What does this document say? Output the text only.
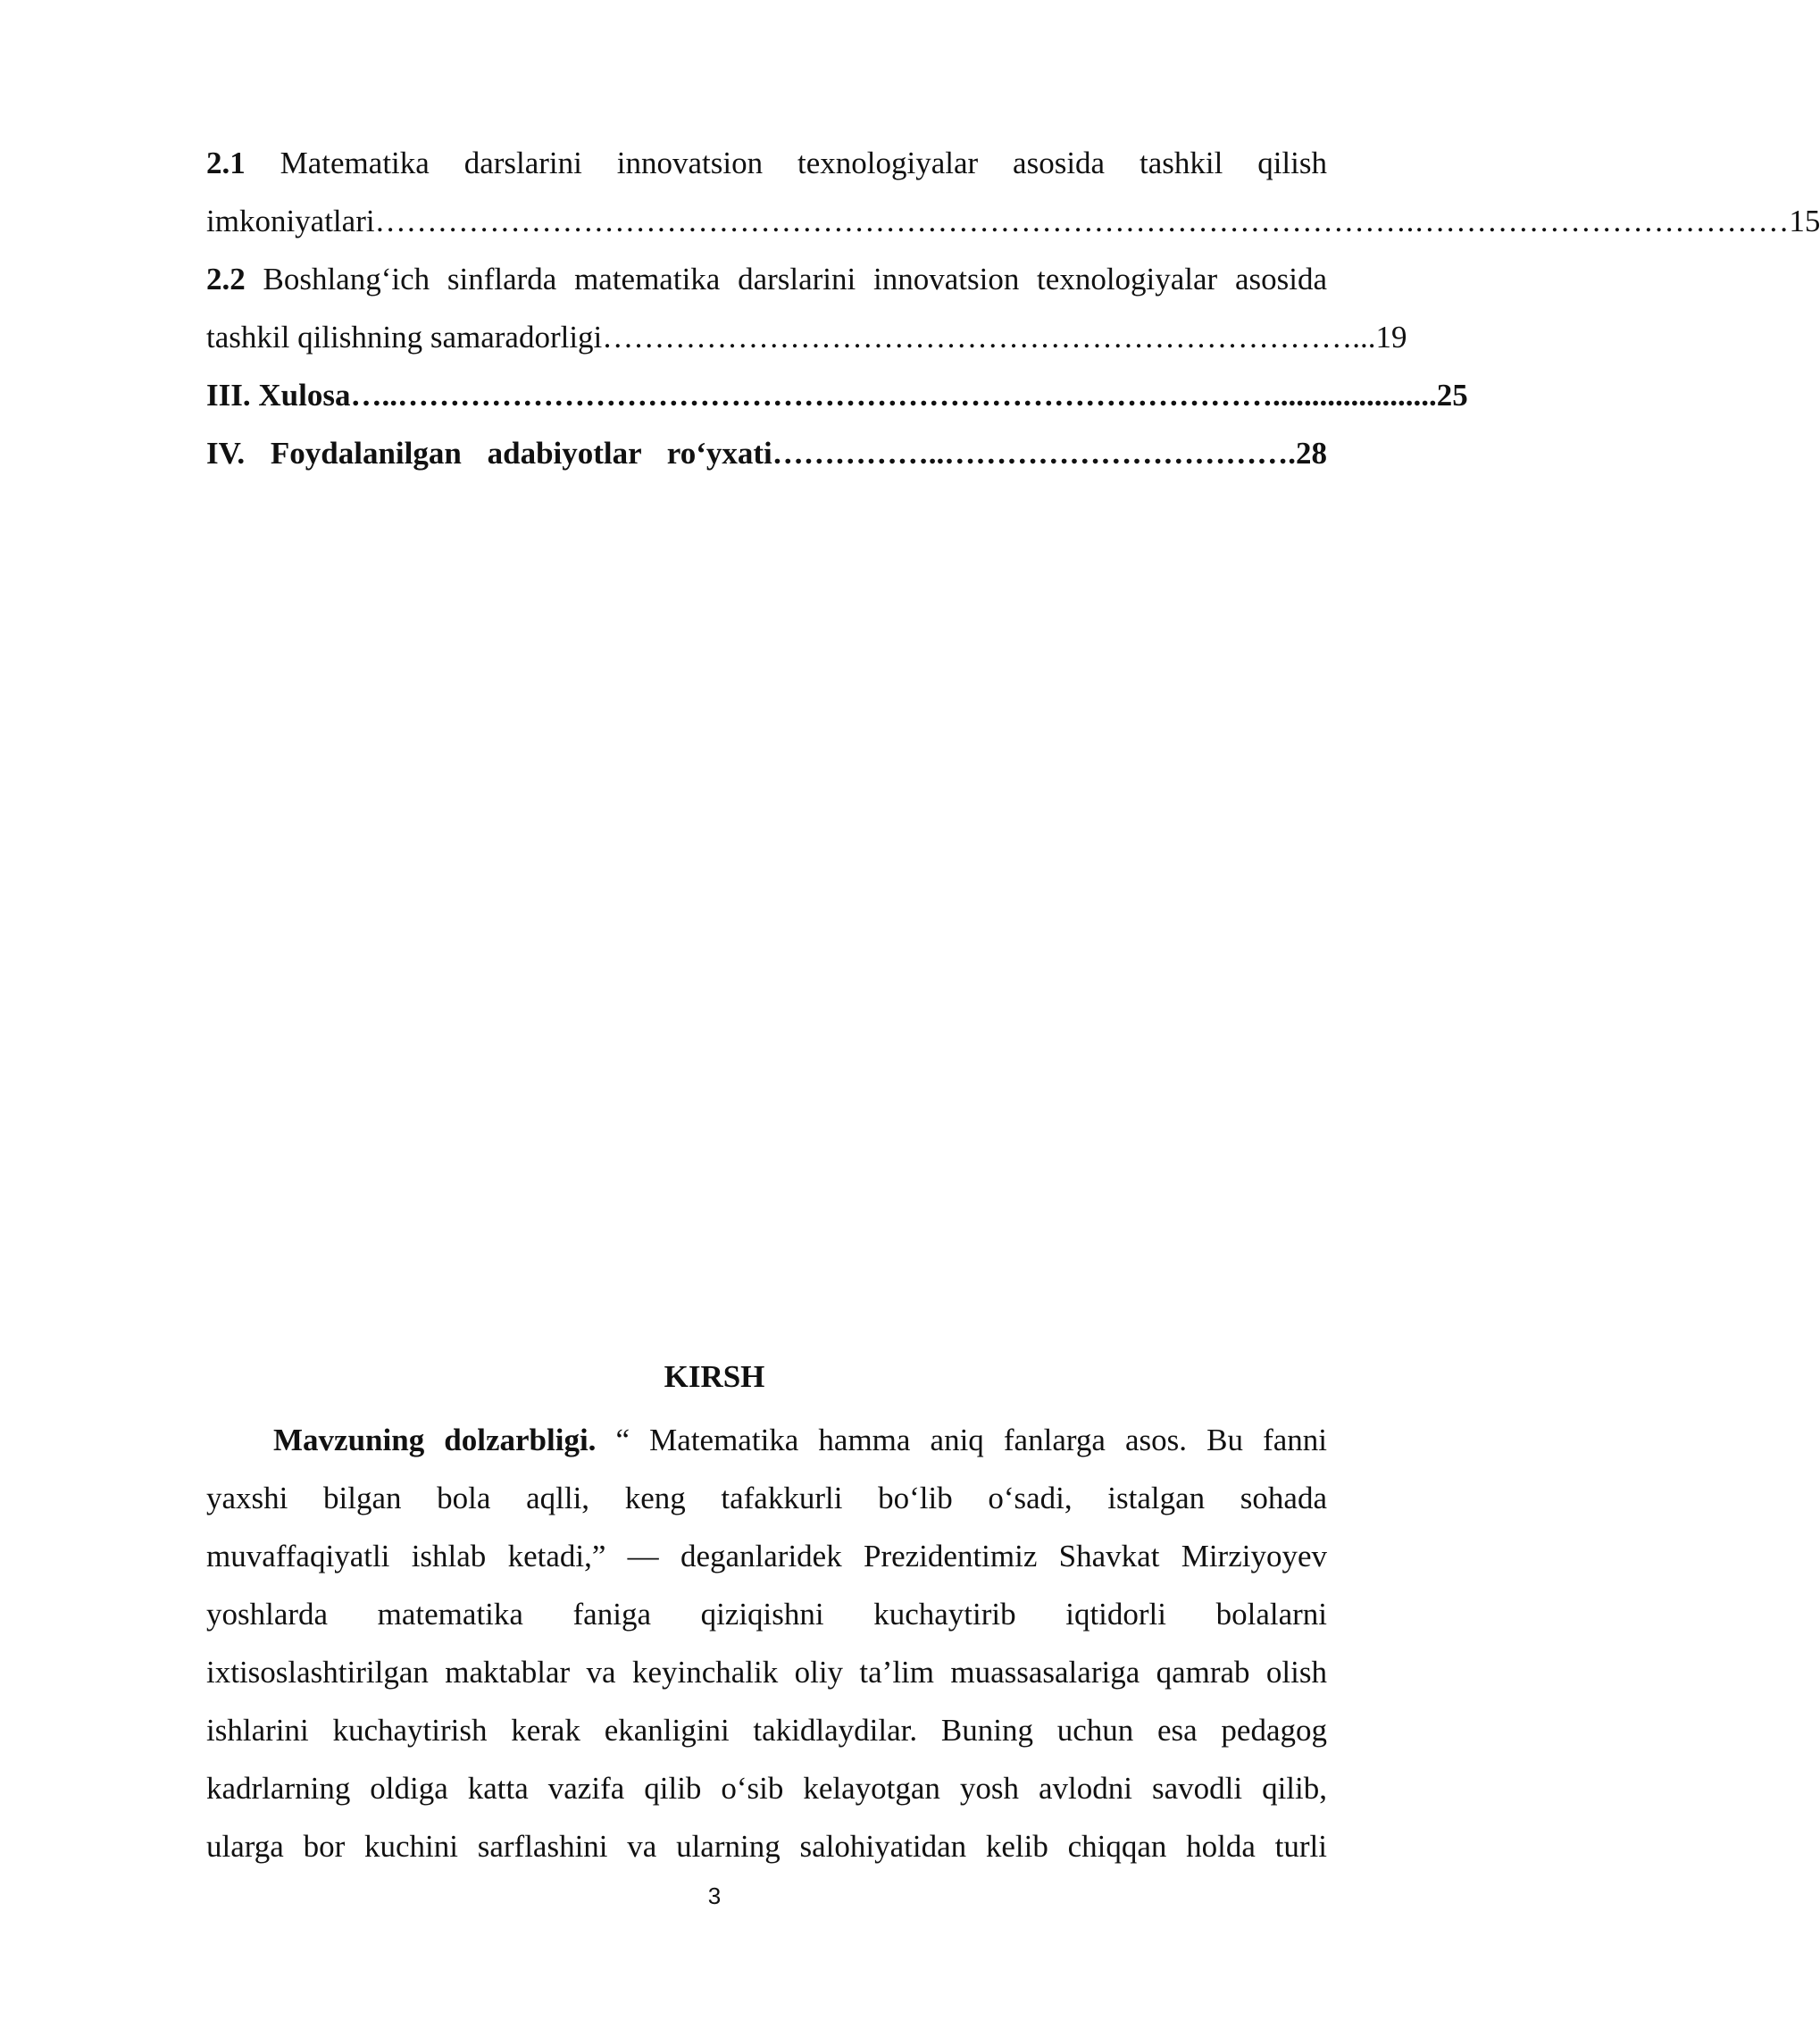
2.1 Matematika darslarini innovatsion texnologiyalar asosida tashkil qilish
imkoniyatlari……………………………………………………………………………………….………………………………15
2.2 Boshlang‘ich sinflarda matematika darslarini innovatsion texnologiyalar asosida
tashkil qilishning samaradorligi………………………………………………………………...19
III. Xulosa…..………………………………………………………………………….....................25
IV. Foydalanilgan adabiyotlar ro‘yxati……………..…………………………….28
KIRSH
Mavzuning dolzarbligi. “ Matematika hamma aniq fanlarga asos. Bu fanni
yaxshi bilgan bola aqlli, keng tafakkurli bo‘lib o‘sadi, istalgan sohada
muvaffaqiyatli ishlab ketadi,” — deganlaridek Prezidentimiz Shavkat Mirziyoyev
yoshlarda matematika faniga qiziqishni kuchaytirib iqtidorli bolalarni
ixtisoslashtirilgan maktablar va keyinchalik oliy ta’lim muassasalariga qamrab olish
ishlarini kuchaytirish kerak ekanligini takidlaydilar. Buning uchun esa pedagog
kadrlarning oldiga katta vazifa qilib o‘sib kelayotgan yosh avlodni savodli qilib,
ularga bor kuchini sarflashini va ularning salohiyatidan kelib chiqqan holda turli
3
